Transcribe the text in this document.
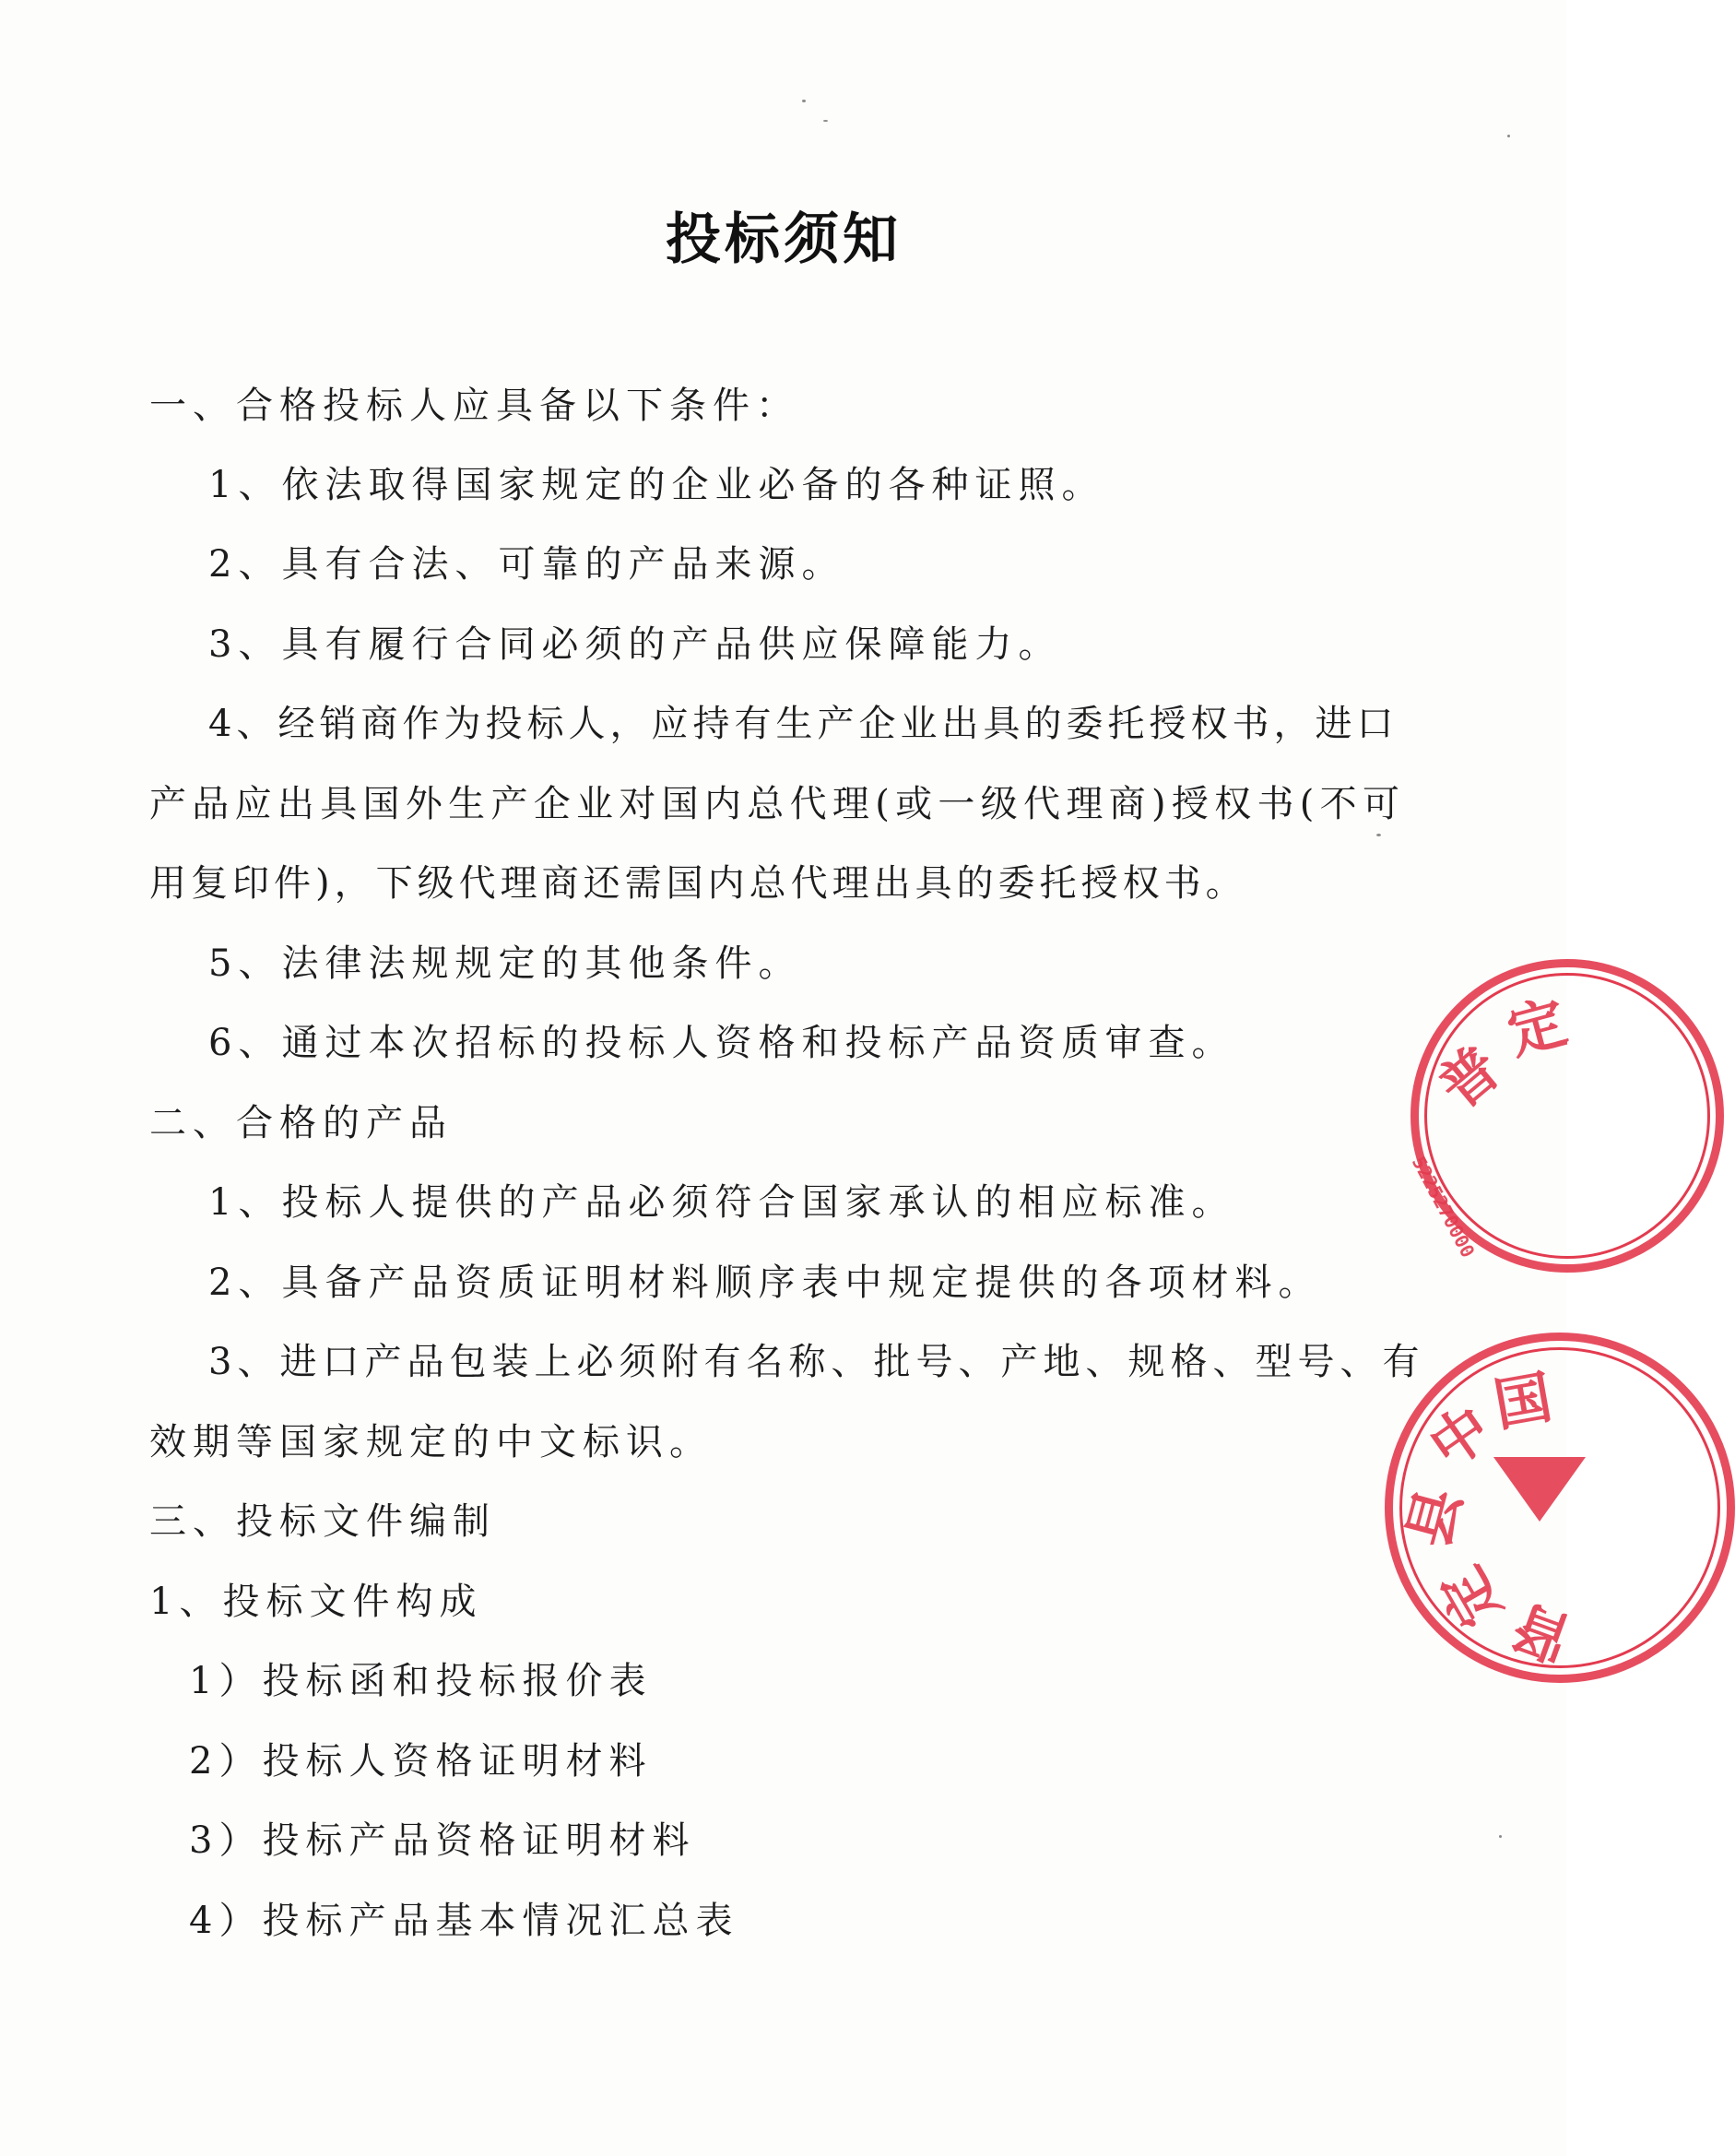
投标须知
一、合格投标人应具备以下条件：
1、依法取得国家规定的企业必备的各种证照。
2、具有合法、可靠的产品来源。
3、具有履行合同必须的产品供应保障能力。
4、经销商作为投标人，应持有生产企业出具的委托授权书，进口
产品应出具国外生产企业对国内总代理(或一级代理商)授权书(不可
用复印件)，下级代理商还需国内总代理出具的委托授权书。
5、法律法规规定的其他条件。
6、通过本次招标的投标人资格和投标产品资质审查。
二、合格的产品
1、投标人提供的产品必须符合国家承认的相应标准。
2、具备产品资质证明材料顺序表中规定提供的各项材料。
3、进口产品包装上必须附有名称、批号、产地、规格、型号、有
效期等国家规定的中文标识。
三、投标文件编制
1、投标文件构成
1）投标函和投标报价表
2）投标人资格证明材料
3）投标产品资格证明材料
4）投标产品基本情况汇总表
普
定
5225270000
中
国
县
定
肾
